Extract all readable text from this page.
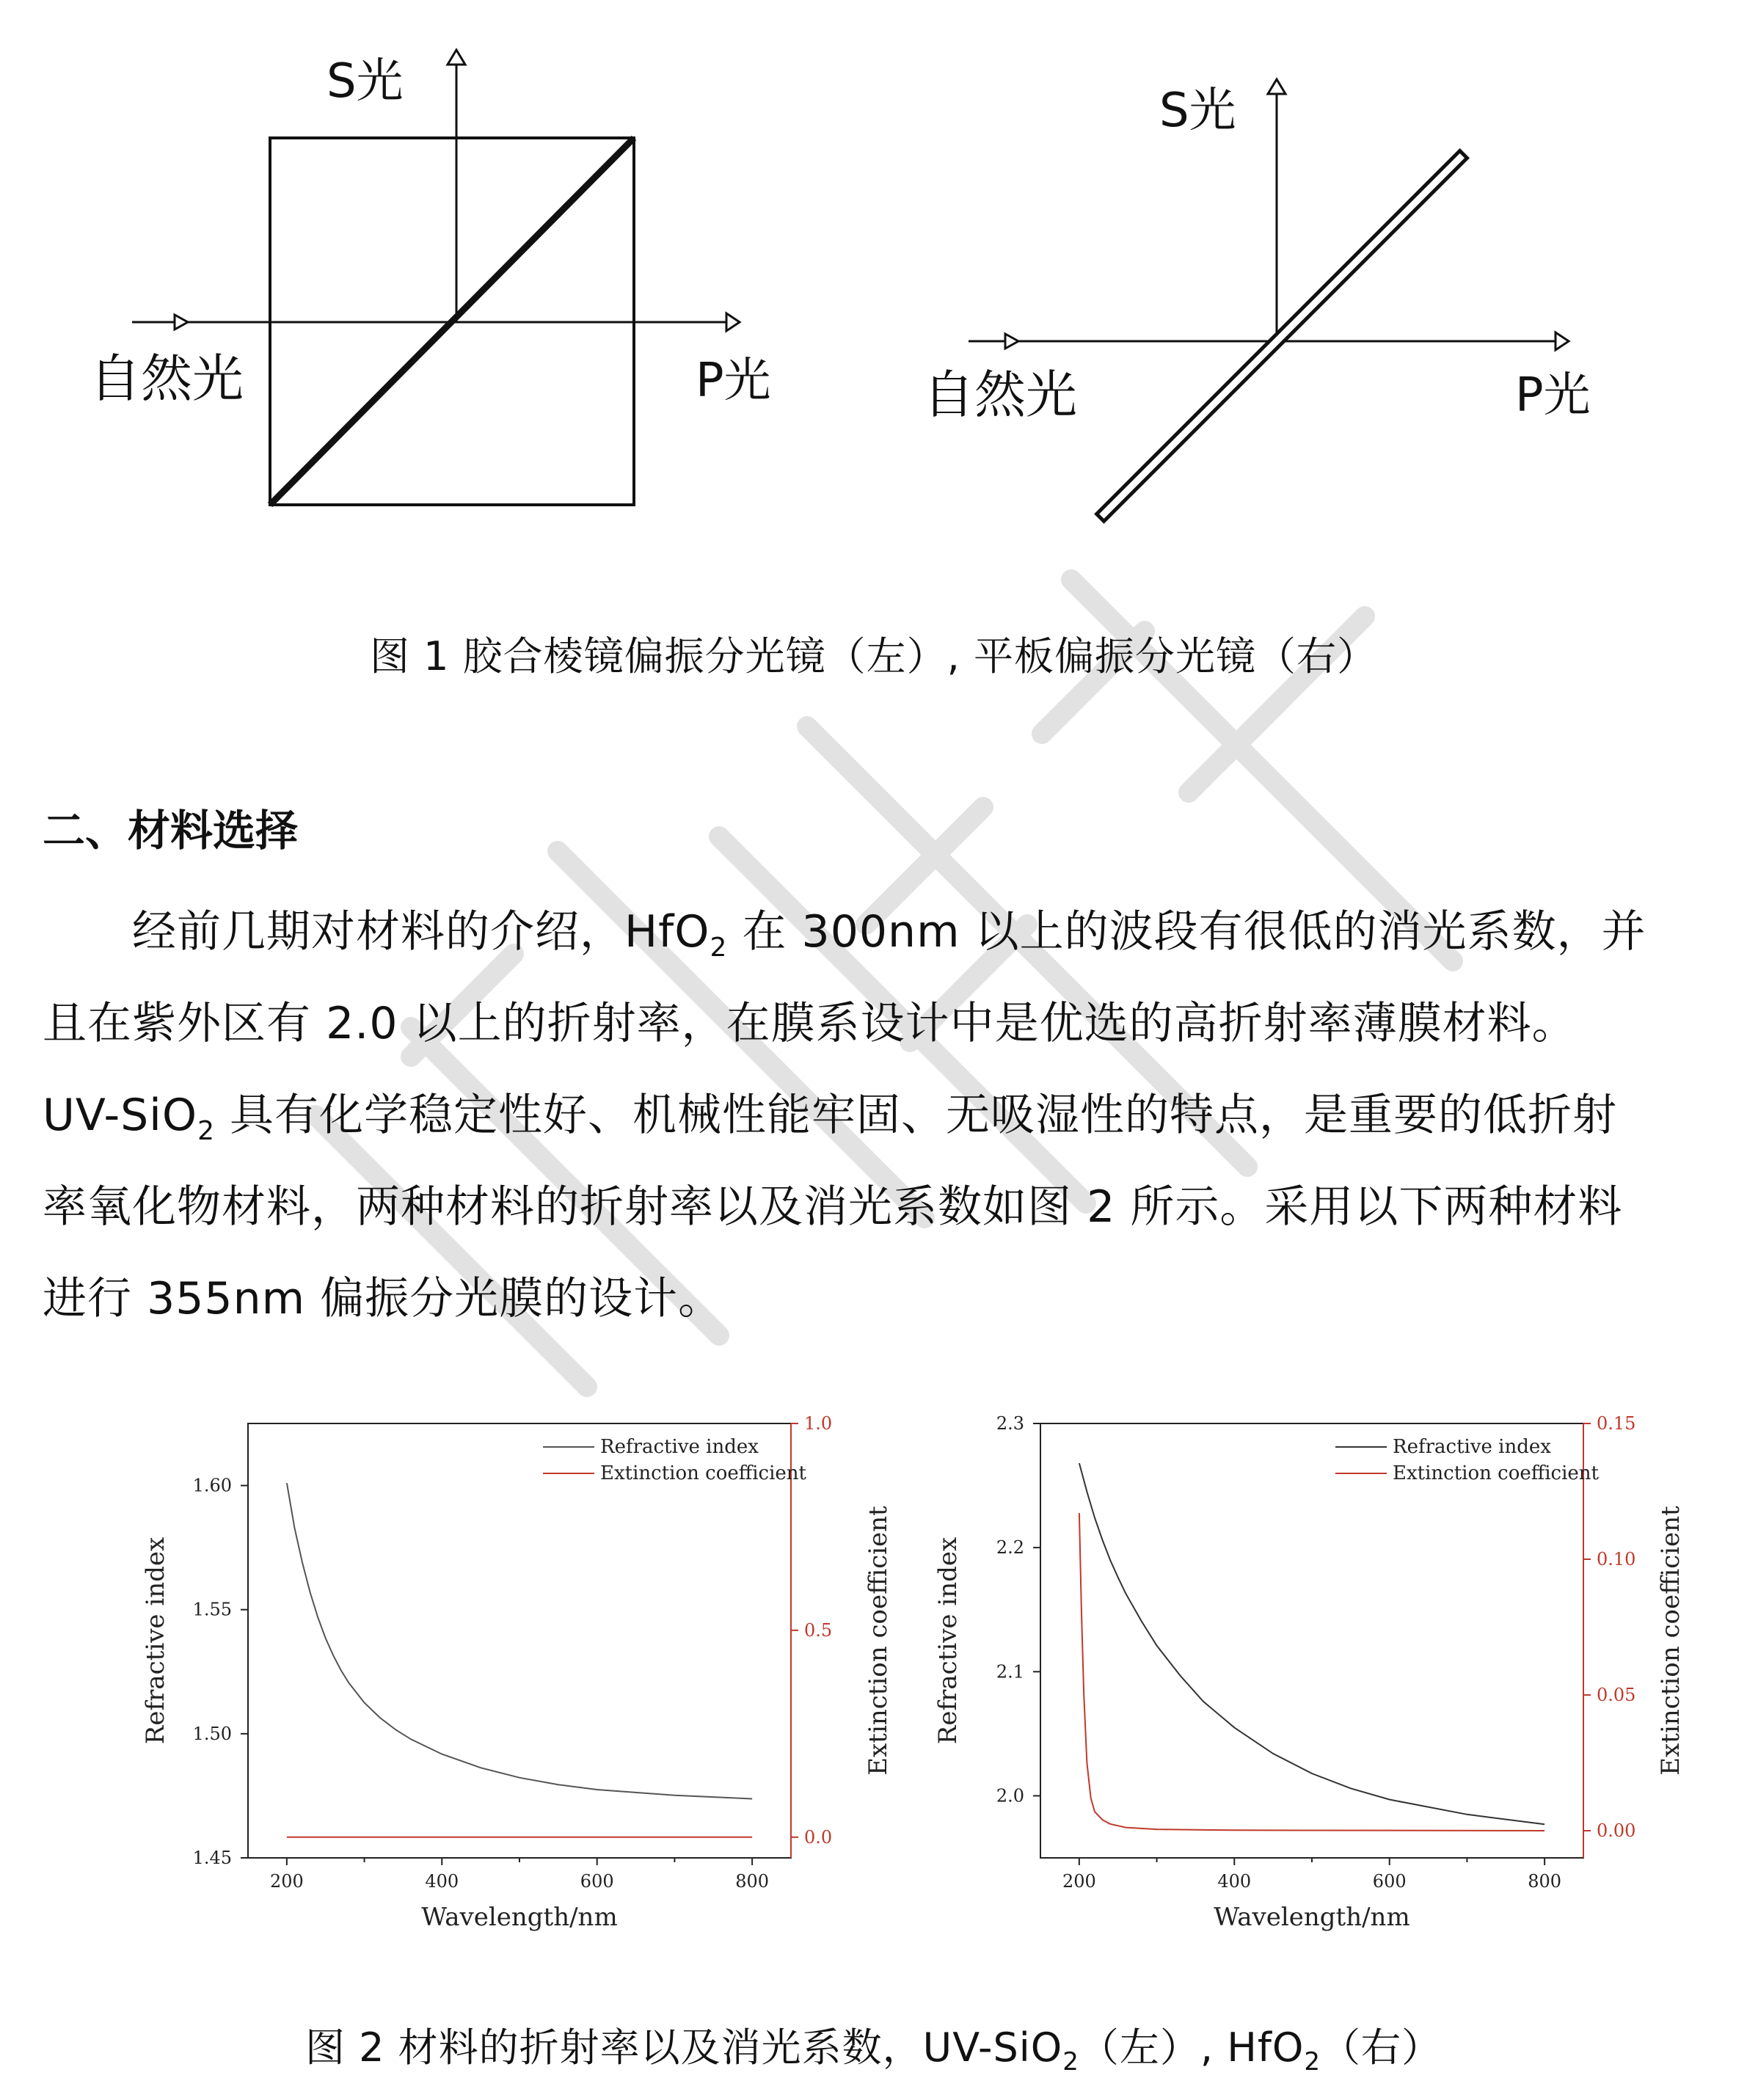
S光
P光
自然光
S光
P光
自然光
图 1 胶合棱镜偏振分光镜（左）, 平板偏振分光镜（右）
二、材料选择
经前几期对材料的介绍，HfO$_2$ 在 300nm 以上的波段有很低的消光系数，并
且在紫外区有 2.0 以上的折射率，在膜系设计中是优选的高折射率薄膜材料。
UV-SiO$_2$ 具有化学稳定性好、机械性能牢固、无吸湿性的特点，是重要的低折射
率氧化物材料，两种材料的折射率以及消光系数如图 2 所示。采用以下两种材料
进行 355nm 偏振分光膜的设计。
200	400	600	800
1.45
1.50
1.55
1.60
0.0
0.5
1.0
Wavelength/nm
Refractive index	Extinction coefficient
Refractive index
Extinction coefficient
200	400	600	800
2.0
2.1
2.2
2.3
0.00
0.05
0.10
0.15
Wavelength/nm
Refractive index	Extinction coefficient
Refractive index
Extinction coefficient
图 2 材料的折射率以及消光系数，UV-SiO$_2$（左）, HfO$_2$（右）
